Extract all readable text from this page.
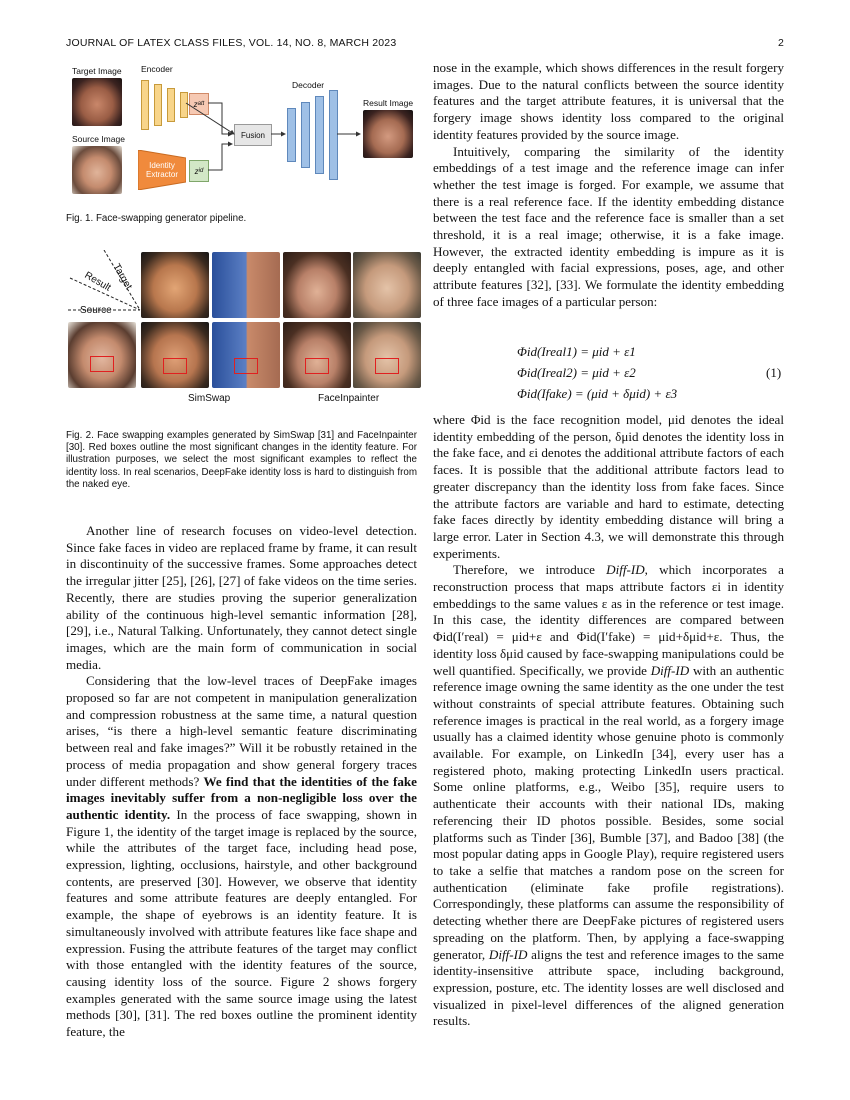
JOURNAL OF LATEX CLASS FILES, VOL. 14, NO. 8, MARCH 2023	2
Target Image Encoder
Decoder
Result Image
Source Image
z att
Identity Extractor	z id
Fusion
Fig. 1. Face-swapping generator pipeline.
Target
Result
Source
SimSwap	FaceInpainter
Fig. 2. Face swapping examples generated by SimSwap [31] and FaceInpainter [30]. Red boxes outline the most significant changes in the identity feature. For illustration purposes, we select the most significant examples to reflect the identity loss. In real scenarios, DeepFake identity loss is hard to distinguish from the naked eye.

Another line of research focuses on video-level detection. Since fake faces in video are replaced frame by frame, it can result in discontinuity of the successive frames. Some approaches detect the irregular jitter [25], [26], [27] of fake videos on the time series. Recently, there are studies proving the superior generalization ability of the continuous high-level semantic information [28], [29], i.e., Natural Talking. Unfortunately, they cannot detect single images, which are the main form of communication in social media.

Considering that the low-level traces of DeepFake images proposed so far are not competent in manipulation generalization and compression robustness at the same time, a natural question arises, “is there a high-level semantic feature discriminating between real and fake images?” Will it be robustly retained in the process of media propagation and show general forgery traces under different methods? We find that the identities of the fake images inevitably suffer from a non-negligible loss over the authentic identity. In the process of face swapping, shown in Figure 1, the identity of the target image is replaced by the source, while the attributes of the target face, including head pose, expression, lighting, occlusions, hairstyle, and other background contents, are preserved [30]. However, we observe that identity features and some attribute features are deeply entangled. For example, the shape of eyebrows is an identity feature. It is simultaneously involved with attribute features like face shape and expression. Fusing the attribute features of the target may conflict with those entangled with the identity features of the source, causing identity loss of the source. Figure 2 shows forgery examples generated with the same source image using the latest methods [30], [31]. The red boxes outline the prominent identity feature, the

nose in the example, which shows differences in the result forgery images. Due to the natural conflicts between the source identity features and the target attribute features, it is universal that the forgery image shows identity loss compared to the original identity features provided by the source image.

Intuitively, comparing the similarity of the identity embeddings of a test image and the reference image can infer whether the test image is forged. For example, we assume that there is a real reference face. If the identity embedding distance between the test face and the reference face is smaller than a set threshold, it is a real image; otherwise, it is a fake image. However, the extracted identity embedding is impure as it is deeply entangled with facial expressions, poses, age, and other attribute features [32], [33]. We formulate the identity embedding of three face images of a particular person:

Φid(Ireal1) = μid + ε1
Φid(Ireal2) = μid + ε2
Φid(Ifake) = (μid + δμid) + ε3
(1)

where Φid is the face recognition model, μid denotes the ideal identity embedding of the person, δμid denotes the identity loss in the fake face, and εi denotes the additional attribute factors of each faces. It is possible that the additional attribute factors lead to greater discrepancy than the identity loss from fake faces. Since the attribute factors are variable and hard to estimate, detecting fake faces directly by identity embedding distance will bring a large error. Later in Section 4.3, we will demonstrate this through experiments.

Therefore, we introduce Diff-ID, which incorporates a reconstruction process that maps attribute factors εi in identity embeddings to the same values ε as in the reference or test image. In this case, the identity differences are compared between Φid(I′real) = μid+ε and Φid(I′fake) = μid+δμid+ε. Thus, the identity loss δμid caused by face-swapping manipulations could be well quantified. Specifically, we provide Diff-ID with an authentic reference image owning the same identity as the one under the test without constraints of special attribute features. Obtaining such reference images is practical in the real world, as a forgery image usually has a claimed identity whose genuine photo is commonly available. For example, on LinkedIn [34], every user has a registered photo, making protecting LinkedIn users practical. Some online platforms, e.g., Weibo [35], require users to authenticate their accounts with their national IDs, making referencing their ID photos possible. Besides, some social platforms such as Tinder [36], Bumble [37], and Badoo [38] (the most popular dating apps in Google Play), require registered users to take a selfie that matches a random pose on the screen for authentication (eliminate fake profile registrations). Correspondingly, these platforms can assume the responsibility of detecting whether there are DeepFake pictures of registered users spreading on the platform. Then, by applying a face-swapping generator, Diff-ID aligns the test and reference images to the same identity-insensitive attribute space, including background, expression, posture, etc. The identity losses are well disclosed and visualized in pixel-level differences of the aligned generation results.
